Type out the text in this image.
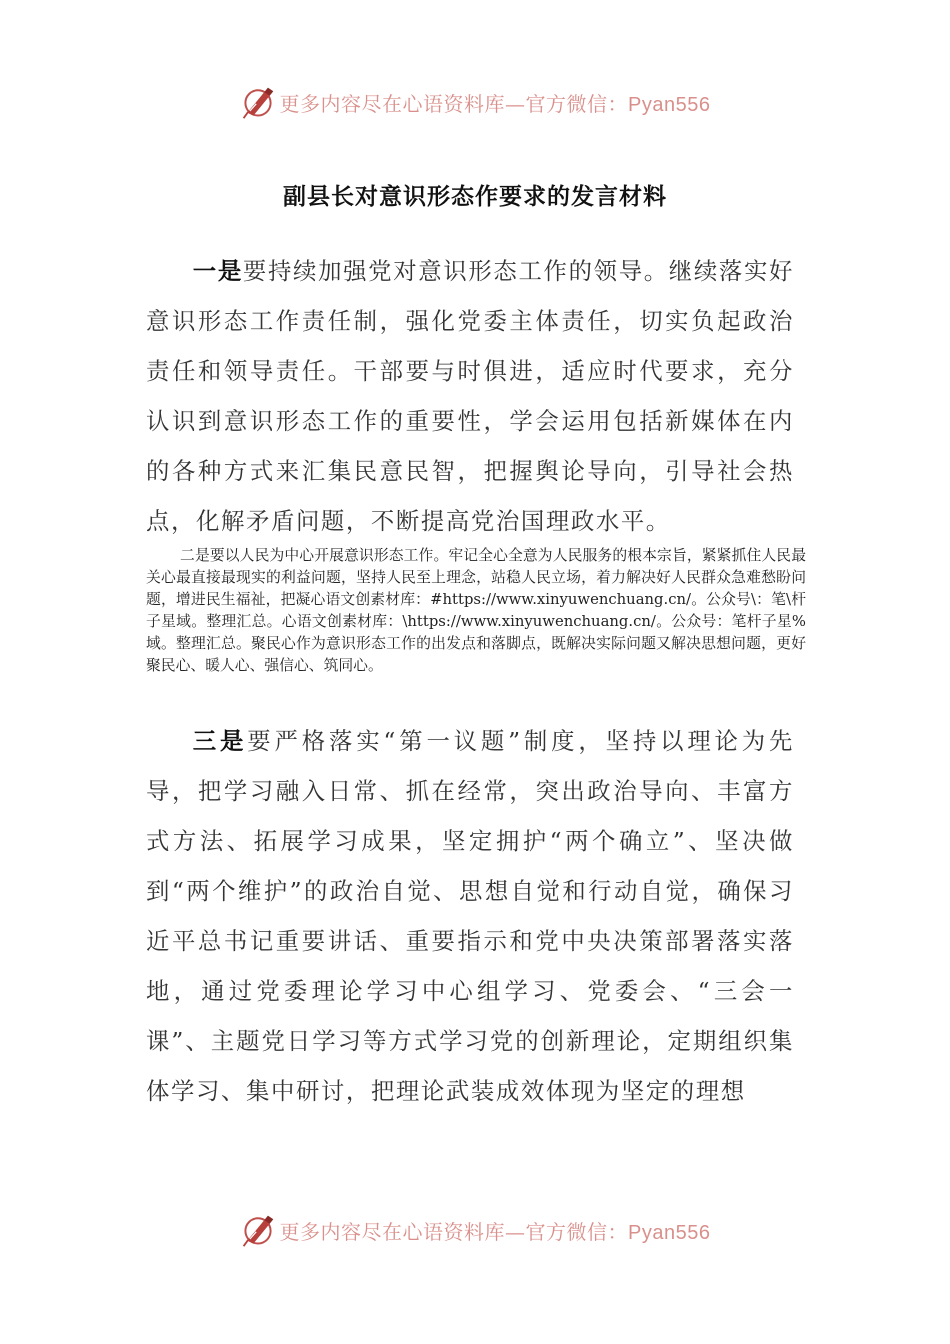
更多内容尽在心语资料库—官方微信：Pyan556
副县长对意识形态作要求的发言材料

一是要持续加强党对意识形态工作的领导。继续落实好意识形态工作责任制，强化党委主体责任，切实负起政治责任和领导责任。干部要与时俱进，适应时代要求，充分认识到意识形态工作的重要性，学会运用包括新媒体在内的各种方式来汇集民意民智，把握舆论导向，引导社会热点，化解矛盾问题，不断提高党治国理政水平。

二是要以人民为中心开展意识形态工作。牢记全心全意为人民服务的根本宗旨，紧紧抓住人民最关心最直接最现实的利益问题，坚持人民至上理念，站稳人民立场，着力解决好人民群众急难愁盼问题，增进民生福祉，把凝心语文创素材库：#https://www.xinyuwenchuang.cn/。公众号\：笔\杆子星域。整理汇总。心语文创素材库：\https://www.xinyuwenchuang.cn/。公众号：笔杆子星%域。整理汇总。聚民心作为意识形态工作的出发点和落脚点，既解决实际问题又解决思想问题，更好聚民心、暖人心、强信心、筑同心。

三是要严格落实“第一议题”制度，坚持以理论为先导，把学习融入日常、抓在经常，突出政治导向、丰富方式方法、拓展学习成果，坚定拥护“两个确立”、坚决做到“两个维护”的政治自觉、思想自觉和行动自觉，确保习近平总书记重要讲话、重要指示和党中央决策部署落实落地，通过党委理论学习中心组学习、党委会、“三会一课”、主题党日学习等方式学习党的创新理论，定期组织集体学习、集中研讨，把理论武装成效体现为坚定的理想

更多内容尽在心语资料库—官方微信：Pyan556
